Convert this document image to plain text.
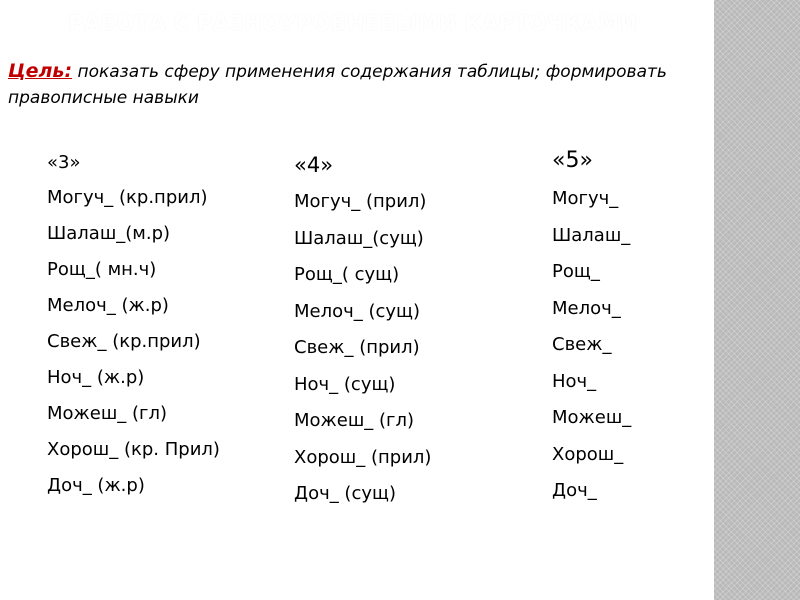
РАБОТА С РАЗНОУРОВНЕВЫМИ КАРТОЧКАМИ
Цель: показать сферу применения содержания таблицы; формировать правописные навыки
«3»
Могуч_ (кр.прил)
Шалаш_(м.р)
Рощ_( мн.ч)
Мелоч_ (ж.р)
Свеж_ (кр.прил)
Ноч_ (ж.р)
Можеш_ (гл)
Хорош_ (кр. Прил)
Доч_ (ж.р)
«4»
Могуч_ (прил)
Шалаш_(сущ)
Рощ_( сущ)
Мелоч_ (сущ)
Свеж_ (прил)
Ноч_ (сущ)
Можеш_ (гл)
Хорош_ (прил)
Доч_ (сущ)
«5»
Могуч_
Шалаш_
Рощ_
Мелоч_
Свеж_
Ноч_
Можеш_
Хорош_
Доч_
